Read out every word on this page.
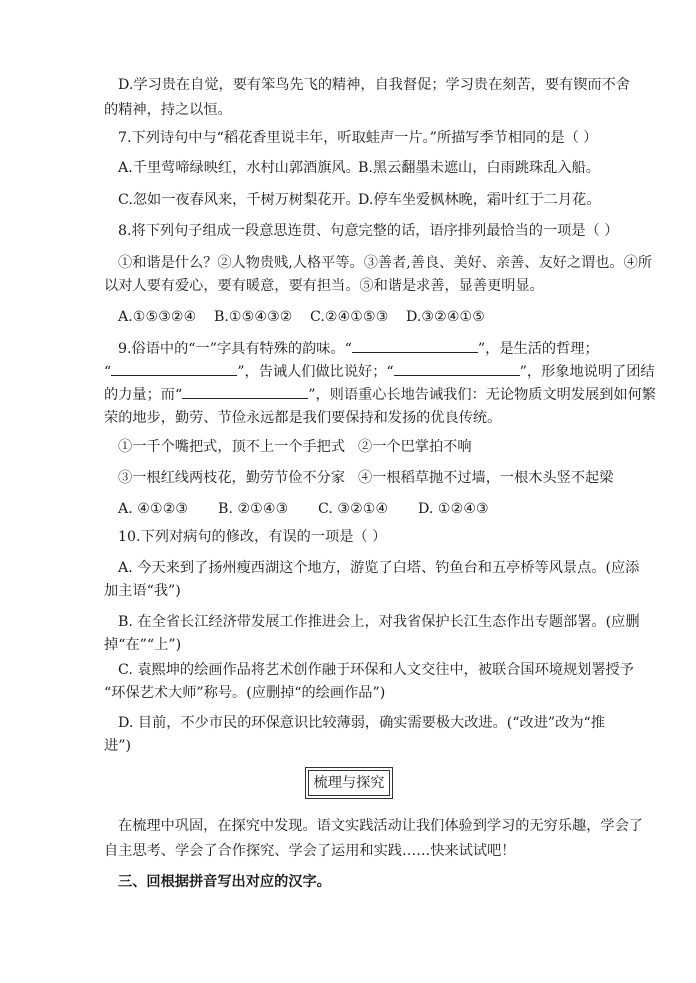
D.学习贵在自觉，要有笨鸟先飞的精神，自我督促；学习贵在刻苦，要有锲而不舍
的精神，持之以恒。
7.下列诗句中与“稻花香里说丰年，听取蛙声一片。”所描写季节相同的是（ ）
A.千里莺啼绿映红，水村山郭酒旗风。B.黑云翻墨未遮山，白雨跳珠乱入船。
C.忽如一夜春风来，千树万树梨花开。D.停车坐爱枫林晚，霜叶红于二月花。
8.将下列句子组成一段意思连贯、句意完整的话，语序排列最恰当的一项是（ ）
①和谐是什么？②人物贵贱,人格平等。③善者,善良、美好、亲善、友好之谓也。④所
以对人要有爱心，要有暖意，要有担当。⑤和谐是求善，显善更明显。
A.①⑤③②④ B.①⑤④③② C.②④①⑤③ D.③②④①⑤
9.俗语中的“一”字具有特殊的韵味。“	”，是生活的哲理；
“	”，告诫人们做比说好；“	”，形象地说明了团结
的力量；而“	”，则语重心长地告诫我们：无论物质文明发展到如何繁
荣的地步，勤劳、节俭永远都是我们要保持和发扬的优良传统。
①一千个嘴把式，顶不上一个手把式 ②一个巴掌拍不响
③一根红线两枝花，勤劳节俭不分家 ④一根稻草抛不过墙，一根木头竖不起梁
A. ④①②③ B. ②①④③ C. ③②①④ D. ①②④③
10.下列对病句的修改，有误的一项是（ ）
A. 今天来到了扬州瘦西湖这个地方，游览了白塔、钓鱼台和五亭桥等风景点。(应添
加主语“我”)
B. 在全省长江经济带发展工作推进会上，对我省保护长江生态作出专题部署。(应删
掉“在”“上”)
C. 袁熙坤的绘画作品将艺术创作融于环保和人文交往中，被联合国环境规划署授予
“环保艺术大师”称号。(应删掉“的绘画作品”)
D. 目前，不少市民的环保意识比较薄弱，确实需要极大改进。(“改进”改为“推
进”)
梳理与探究
在梳理中巩固，在探究中发现。语文实践活动让我们体验到学习的无穷乐趣，学会了
自主思考、学会了合作探究、学会了运用和实践……快来试试吧！
三、回根据拼音写出对应的汉字。
